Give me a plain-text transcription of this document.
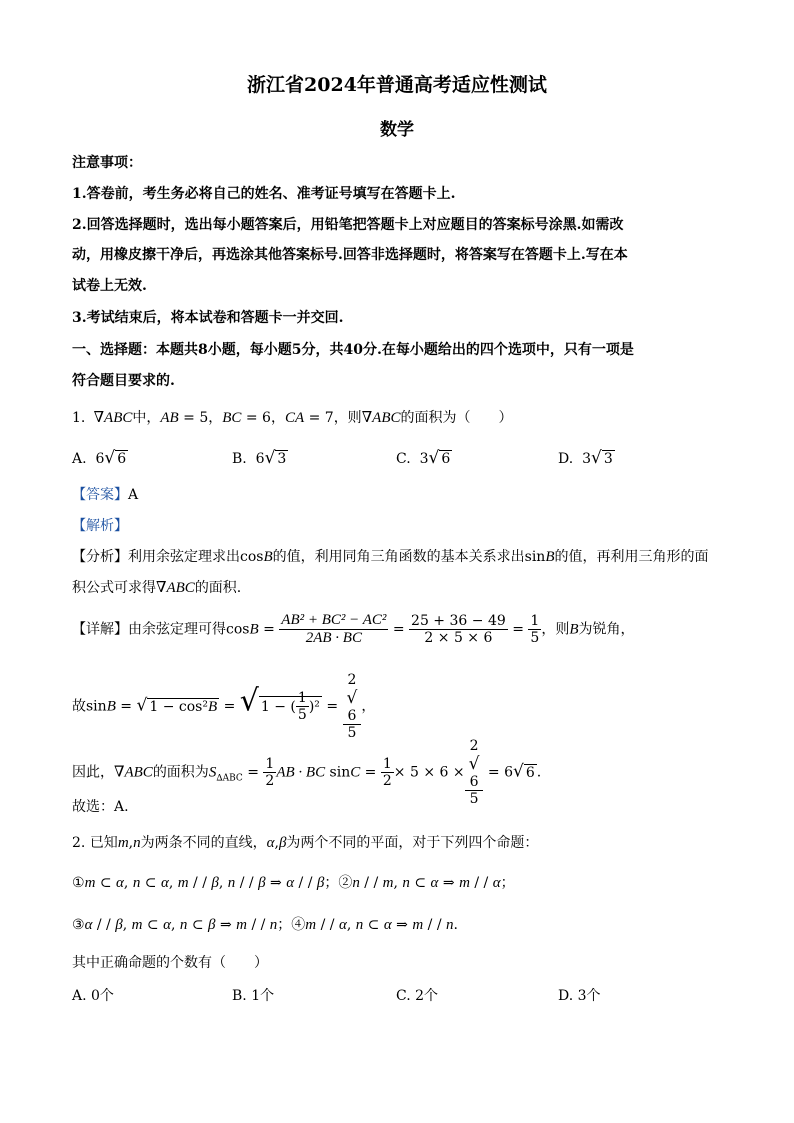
浙江省2024年普通高考适应性测试
数学
注意事项：
1.答卷前，考生务必将自己的姓名、准考证号填写在答题卡上.
2.回答选择题时，选出每小题答案后，用铅笔把答题卡上对应题目的答案标号涂黑.如需改
动，用橡皮擦干净后，再选涂其他答案标号.回答非选择题时，将答案写在答题卡上.写在本
试卷上无效.
3.考试结束后，将本试卷和答题卡一并交回.
一、选择题：本题共8小题，每小题5分，共40分.在每小题给出的四个选项中，只有一项是
符合题目要求的.
1.  ∇ABC中，AB = 5，BC = 6，CA = 7，则∇ABC的面积为（　　）
A.  6√ 6	B.  6√ 3	C.  3√ 6	D.  3√ 3
【答案】A
【解析】
【分析】利用余弦定理求出cosB的值，利用同角三角函数的基本关系求出sinB的值，再利用三角形的面
积公式可求得∇ABC的面积.
【详解】由余弦定理可得$\cos B = \frac{\text{AB² + BC² − AC²}}{2AB \cdot BC} = \frac{25 + 36 - 49}{2 \times 5 \times 6} = \frac{1}{5}$ ，则B为锐角，
故sinB = √ 1 − cos²B = √ 1 − ( $\frac{1}{5} )^2 = 2$
√
6
5 ，
因此，∇ABC的面积为$S_{\Delta ABC} = \frac{1}{2}$ AB · BC $\sin C = \frac{1}{2} \times 5 \times 6 \times 2$
√
6
5 = 6√ 6 .
故选：A.
2. 已知m,n为两条不同的直线，α,β为两个不同的平面，对于下列四个命题：
①m ⊂ α, n ⊂ α, m / / β, n / / β ⇒ α / / β；②n / / m, n ⊂ α ⇒ m / / α；
③α / / β, m ⊂ α, n ⊂ β ⇒ m / / n；④m / / α, n ⊂ α ⇒ m / / n.
其中正确命题的个数有（　　）
A. 0个	B. 1个	C. 2个	D. 3个
